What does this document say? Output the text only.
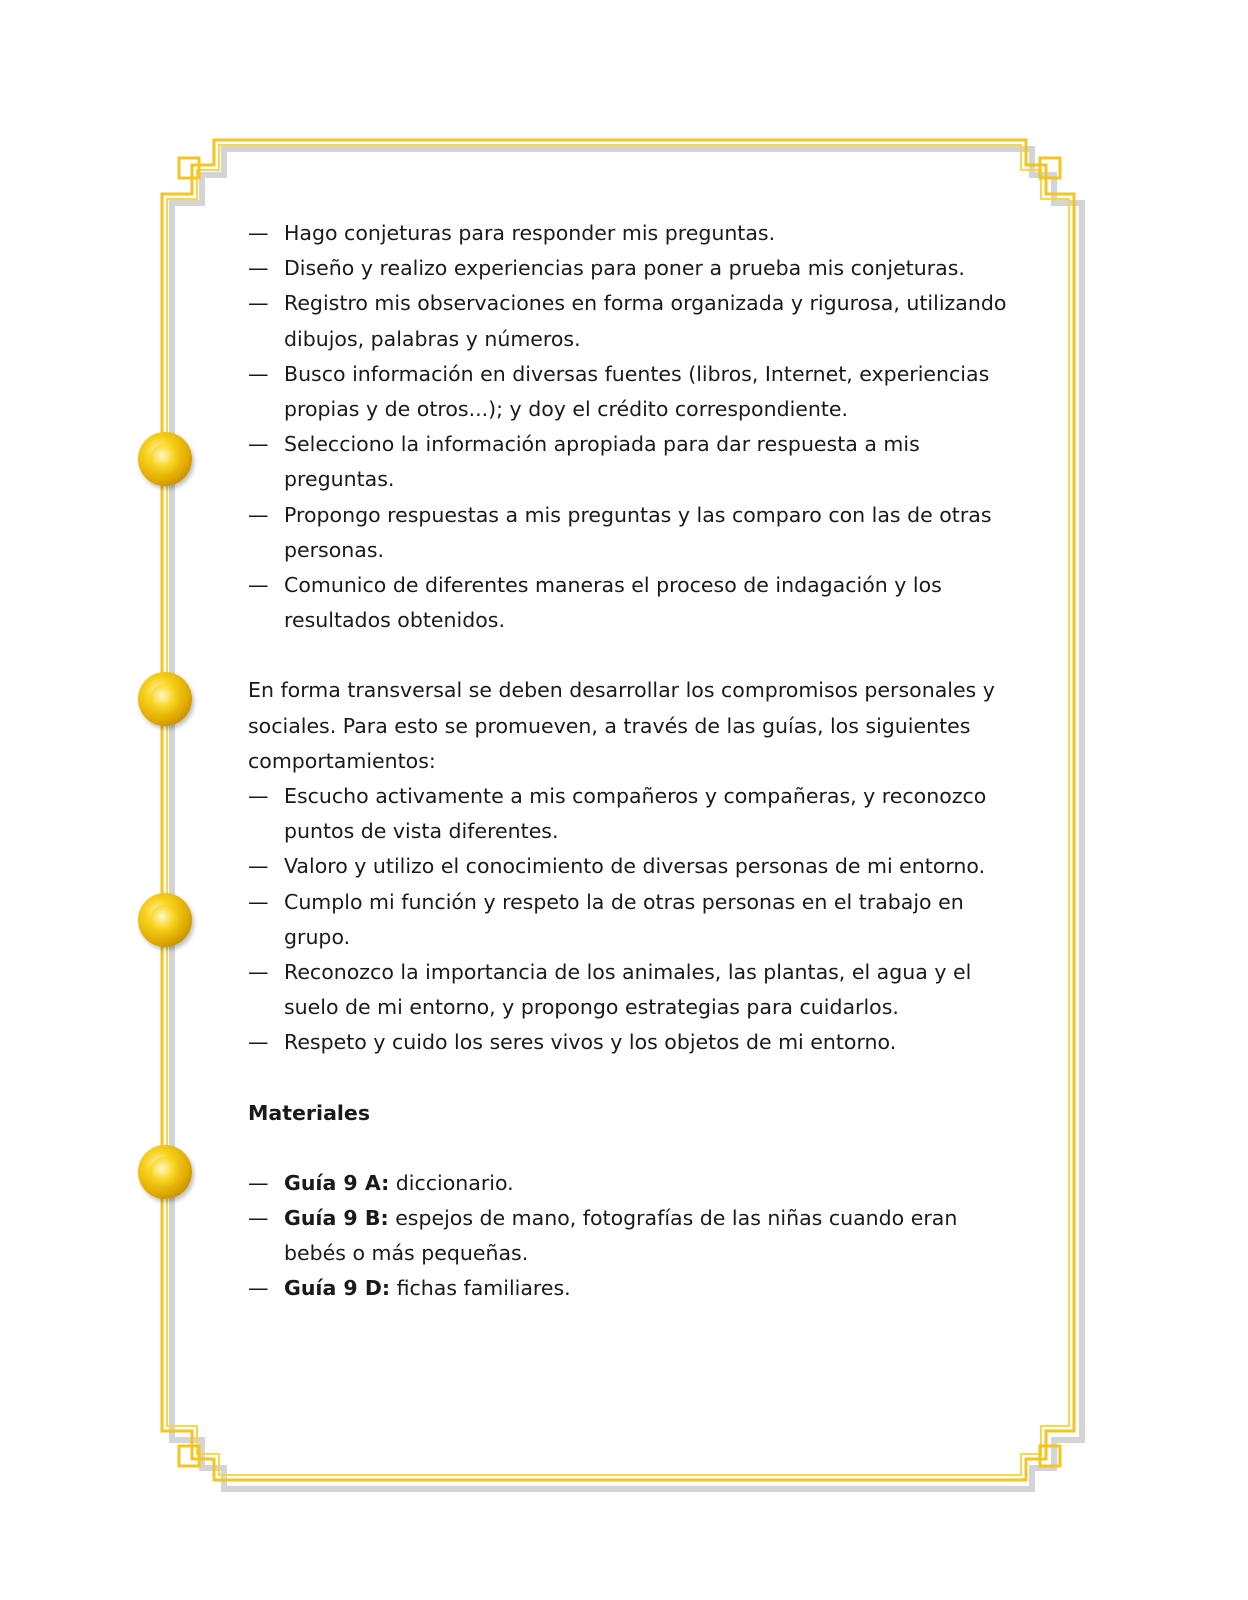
— Hago conjeturas para responder mis preguntas.
— Diseño y realizo experiencias para poner a prueba mis conjeturas.
— Registro mis observaciones en forma organizada y rigurosa, utilizando dibujos, palabras y números.
— Busco información en diversas fuentes (libros, Internet, experiencias propias y de otros...); y doy el crédito correspondiente.
— Selecciono la información apropiada para dar respuesta a mis preguntas.
— Propongo respuestas a mis preguntas y las comparo con las de otras personas.
— Comunico de diferentes maneras el proceso de indagación y los resultados obtenidos.

En forma transversal se deben desarrollar los compromisos personales y sociales. Para esto se promueven, a través de las guías, los siguientes comportamientos:

— Escucho activamente a mis compañeros y compañeras, y reconozco puntos de vista diferentes.
— Valoro y utilizo el conocimiento de diversas personas de mi entorno.
— Cumplo mi función y respeto la de otras personas en el trabajo en grupo.
— Reconozco la importancia de los animales, las plantas, el agua y el suelo de mi entorno, y propongo estrategias para cuidarlos.
— Respeto y cuido los seres vivos y los objetos de mi entorno.
Materiales
— Guía 9 A: diccionario.
— Guía 9 B: espejos de mano, fotografías de las niñas cuando eran bebés o más pequeñas.
— Guía 9 D: fichas familiares.
